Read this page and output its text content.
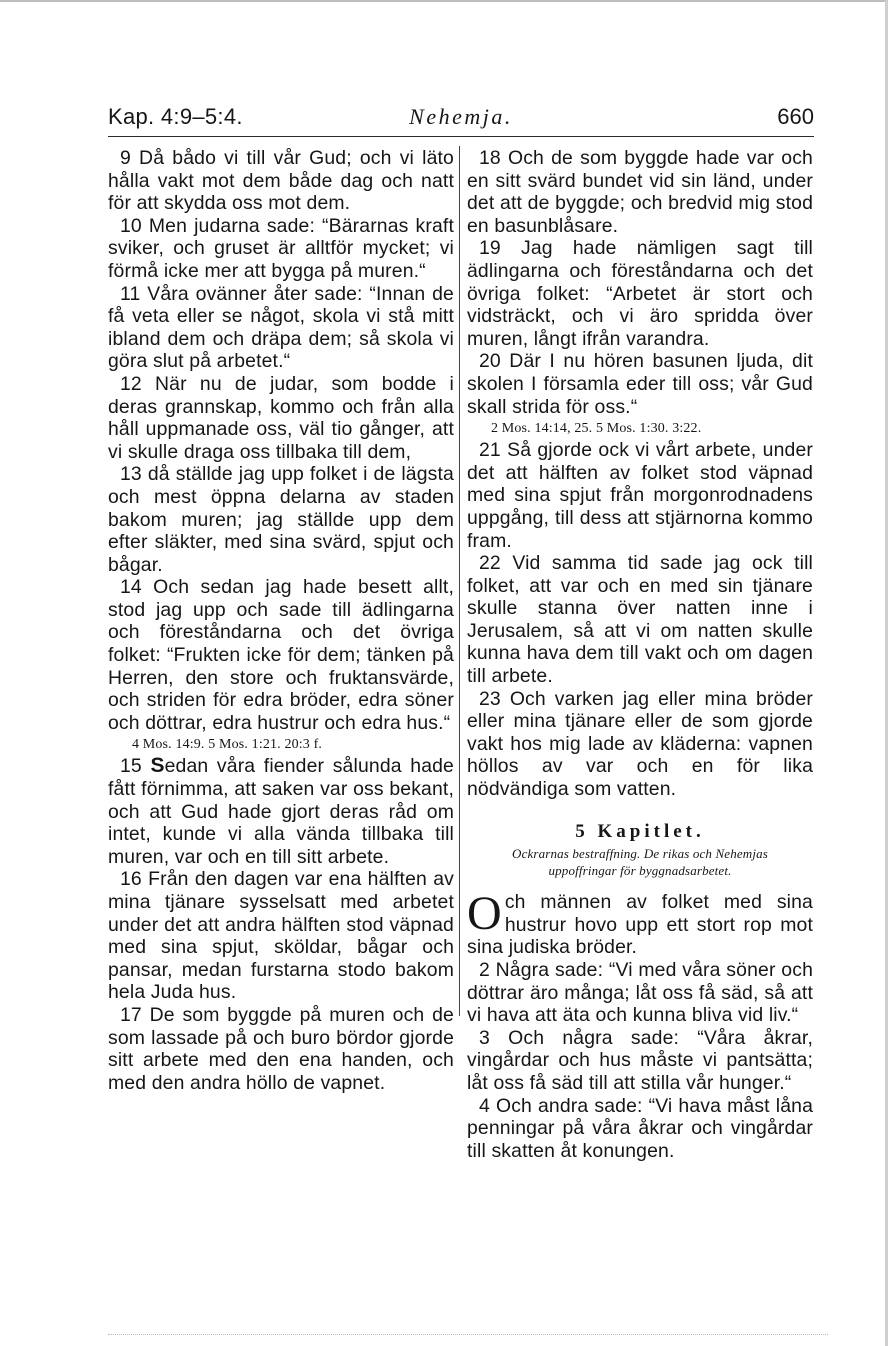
Kap. 4:9–5:4.	Nehemja.	660

9 Då bådo vi till vår Gud; och vi läto hålla vakt mot dem både dag och natt för att skydda oss mot dem.

10 Men judarna sade: “Bärarnas kraft sviker, och gruset är alltför mycket; vi förmå icke mer att bygga på muren.“

11 Våra ovänner åter sade: “Innan de få veta eller se något, skola vi stå mitt ibland dem och dräpa dem; så skola vi göra slut på arbetet.“

12 När nu de judar, som bodde i deras grannskap, kommo och från alla håll uppmanade oss, väl tio gånger, att vi skulle draga oss tillbaka till dem,

13 då ställde jag upp folket i de lägsta och mest öppna delarna av staden bakom muren; jag ställde upp dem efter släkter, med sina svärd, spjut och bågar.

14 Och sedan jag hade besett allt, stod jag upp och sade till ädlingarna och föreståndarna och det övriga folket: “Frukten icke för dem; tänken på Herren, den store och fruktansvärde, och striden för edra bröder, edra söner och döttrar, edra hustrur och edra hus.“

4 Mos. 14:9. 5 Mos. 1:21. 20:3 f.

15 Sedan våra fiender sålunda hade fått förnimma, att saken var oss bekant, och att Gud hade gjort deras råd om intet, kunde vi alla vända tillbaka till muren, var och en till sitt arbete.

16 Från den dagen var ena hälften av mina tjänare sysselsatt med arbetet under det att andra hälften stod väpnad med sina spjut, sköldar, bågar och pansar, medan furstarna stodo bakom hela Juda hus.

17 De som byggde på muren och de som lassade på och buro bördor gjorde sitt arbete med den ena handen, och med den andra höllo de vapnet.

18 Och de som byggde hade var och en sitt svärd bundet vid sin länd, under det att de byggde; och bredvid mig stod en basunblåsare.

19 Jag hade nämligen sagt till ädlingarna och föreståndarna och det övriga folket: “Arbetet är stort och vidsträckt, och vi äro spridda över muren, långt ifrån varandra.

20 Där I nu hören basunen ljuda, dit skolen I församla eder till oss; vår Gud skall strida för oss.“

2 Mos. 14:14, 25. 5 Mos. 1:30. 3:22.

21 Så gjorde ock vi vårt arbete, under det att hälften av folket stod väpnad med sina spjut från morgonrodnadens uppgång, till dess att stjärnorna kommo fram.

22 Vid samma tid sade jag ock till folket, att var och en med sin tjänare skulle stanna över natten inne i Jerusalem, så att vi om natten skulle kunna hava dem till vakt och om dagen till arbete.

23 Och varken jag eller mina bröder eller mina tjänare eller de som gjorde vakt hos mig lade av kläderna: vapnen höllos av var och en för lika nödvändiga som vatten.

5 Kapitlet.

Ockrarnas bestraffning. De rikas och Nehemjas
uppoffringar för byggnadsarbetet.

Och männen av folket med sina hustrur hovo upp ett stort rop mot sina judiska bröder.

2 Några sade: “Vi med våra söner och döttrar äro många; låt oss få säd, så att vi hava att äta och kunna bliva vid liv.“

3 Och några sade: “Våra åkrar, vingårdar och hus måste vi pantsätta; låt oss få säd till att stilla vår hunger.“

4 Och andra sade: “Vi hava måst låna penningar på våra åkrar och vingårdar till skatten åt konungen.
